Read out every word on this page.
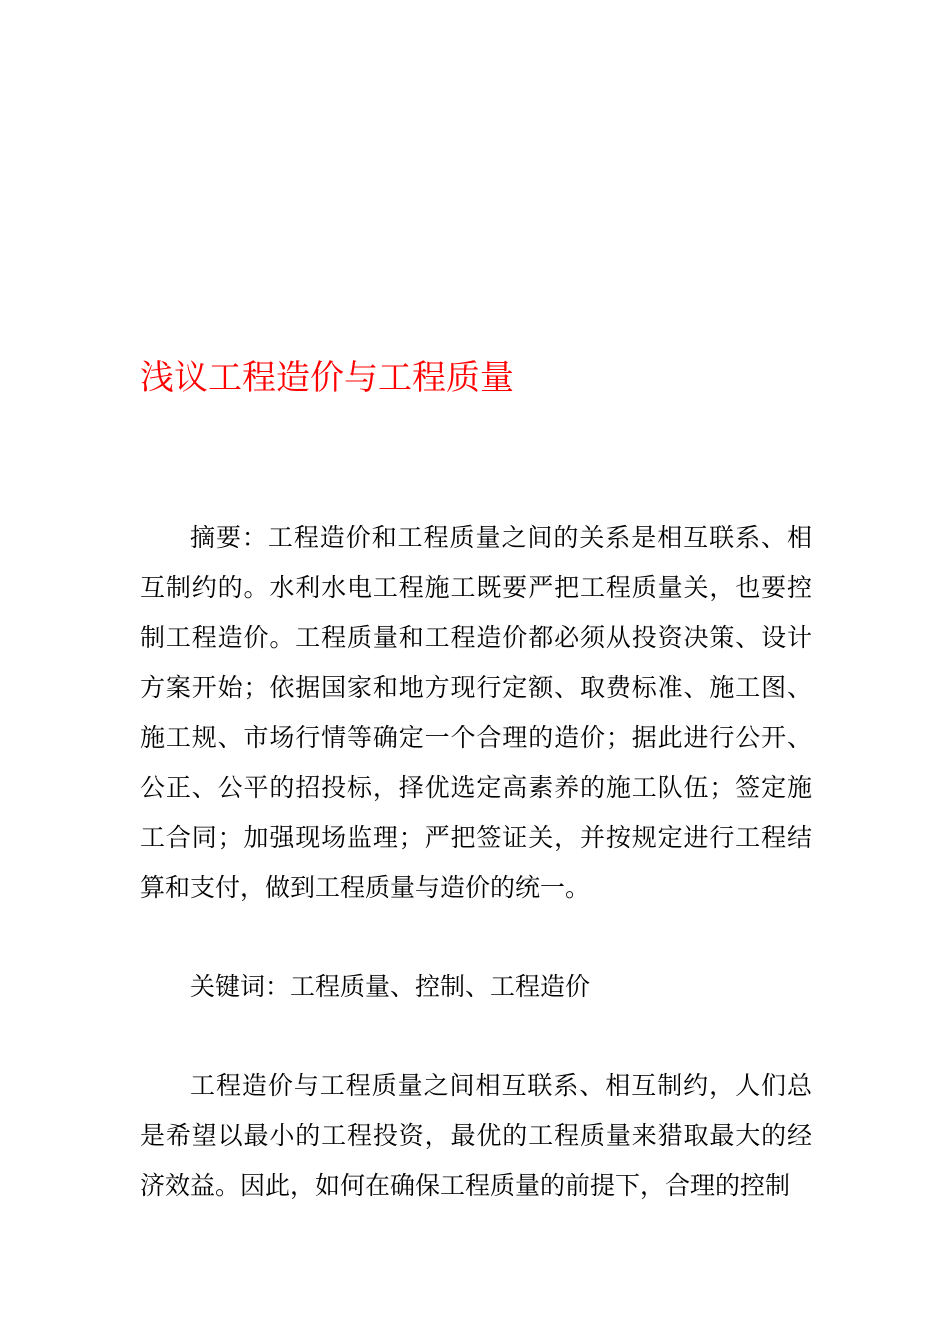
浅议工程造价与工程质量
摘要：工程造价和工程质量之间的关系是相互联系、相互制约的。水利水电工程施工既要严把工程质量关，也要控制工程造价。工程质量和工程造价都必须从投资决策、设计方案开始；依据国家和地方现行定额、取费标准、施工图、施工规、市场行情等确定一个合理的造价；据此进行公开、公正、公平的招投标，择优选定高素养的施工队伍；签定施工合同；加强现场监理；严把签证关，并按规定进行工程结算和支付，做到工程质量与造价的统一。
关键词：工程质量、控制、工程造价
工程造价与工程质量之间相互联系、相互制约，人们总是希望以最小的工程投资，最优的工程质量来猎取最大的经济效益。因此，如何在确保工程质量的前提下，合理的控制
